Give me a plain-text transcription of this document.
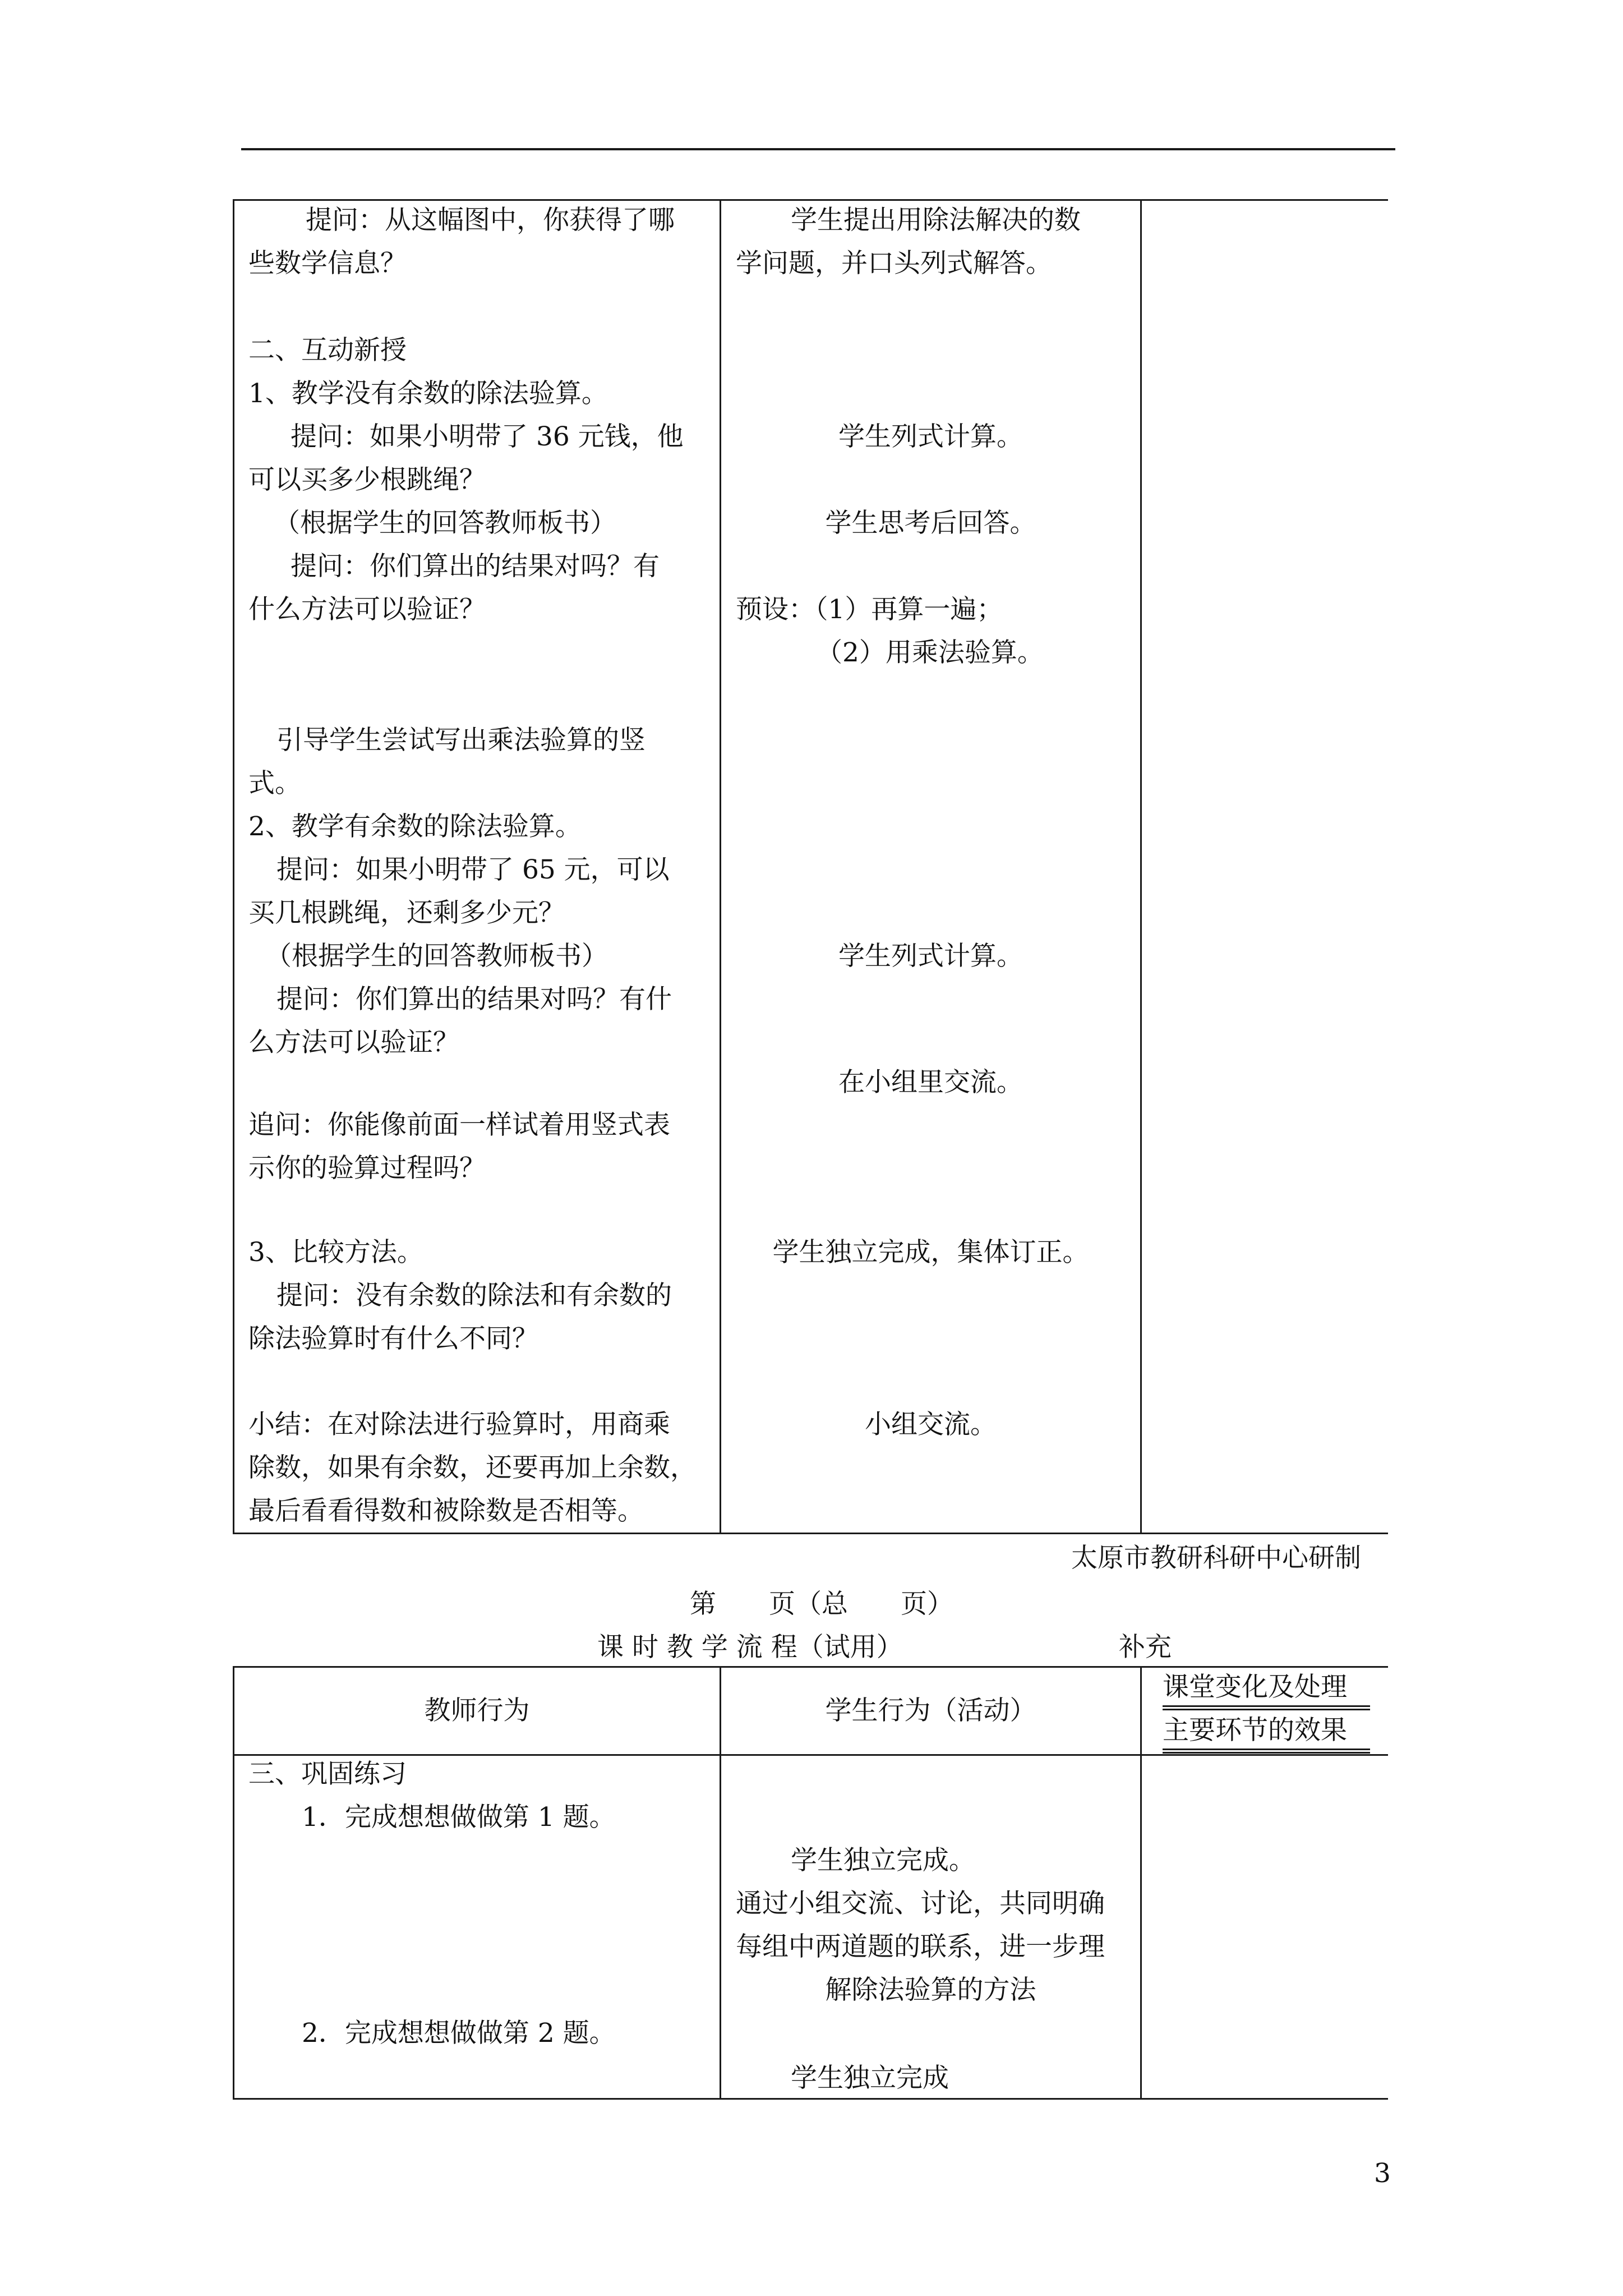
提问：从这幅图中，你获得了哪
些数学信息？
二、互动新授
1、教学没有余数的除法验算。
提问：如果小明带了 36 元钱，他
可以买多少根跳绳？
（根据学生的回答教师板书）
提问：你们算出的结果对吗？有
什么方法可以验证？
引导学生尝试写出乘法验算的竖
式。
2、教学有余数的除法验算。
提问：如果小明带了 65 元，可以
买几根跳绳，还剩多少元？
（根据学生的回答教师板书）
提问：你们算出的结果对吗？有什
么方法可以验证？
追问：你能像前面一样试着用竖式表
示你的验算过程吗？
3、比较方法。
提问：没有余数的除法和有余数的
除法验算时有什么不同？
小结：在对除法进行验算时，用商乘
除数，如果有余数，还要再加上余数，
最后看看得数和被除数是否相等。
学生提出用除法解决的数
学问题，并口头列式解答。
学生列式计算。
学生思考后回答。
预设：（1）再算一遍；
（2）用乘法验算。
学生列式计算。
在小组里交流。
学生独立完成，集体订正。
小组交流。
太原市教研科研中心研制
第　　页（总　　页）
课 时 教 学 流 程（试用）	补充
教师行为	学生行为（活动）
课堂变化及处理
主要环节的效果
三、巩固练习
1．完成想想做做第 1 题。
2．完成想想做做第 2 题。
学生独立完成。
通过小组交流、讨论，共同明确
每组中两道题的联系，进一步理
解除法验算的方法
学生独立完成
3
